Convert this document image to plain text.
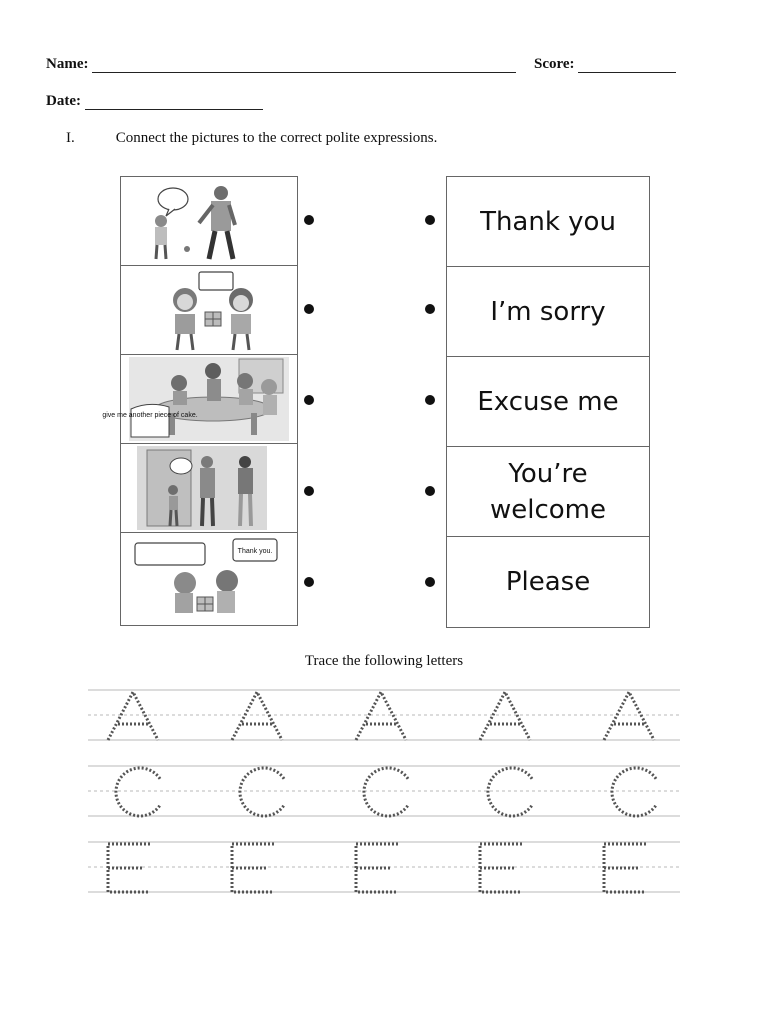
Name:	Score:
Date:
I.	Connect the pictures to the correct polite expressions.
give me another piece of cake.
Thank you.
Thank you
I’m sorry
Excuse me
You’re welcome
Please
Trace the following letters
